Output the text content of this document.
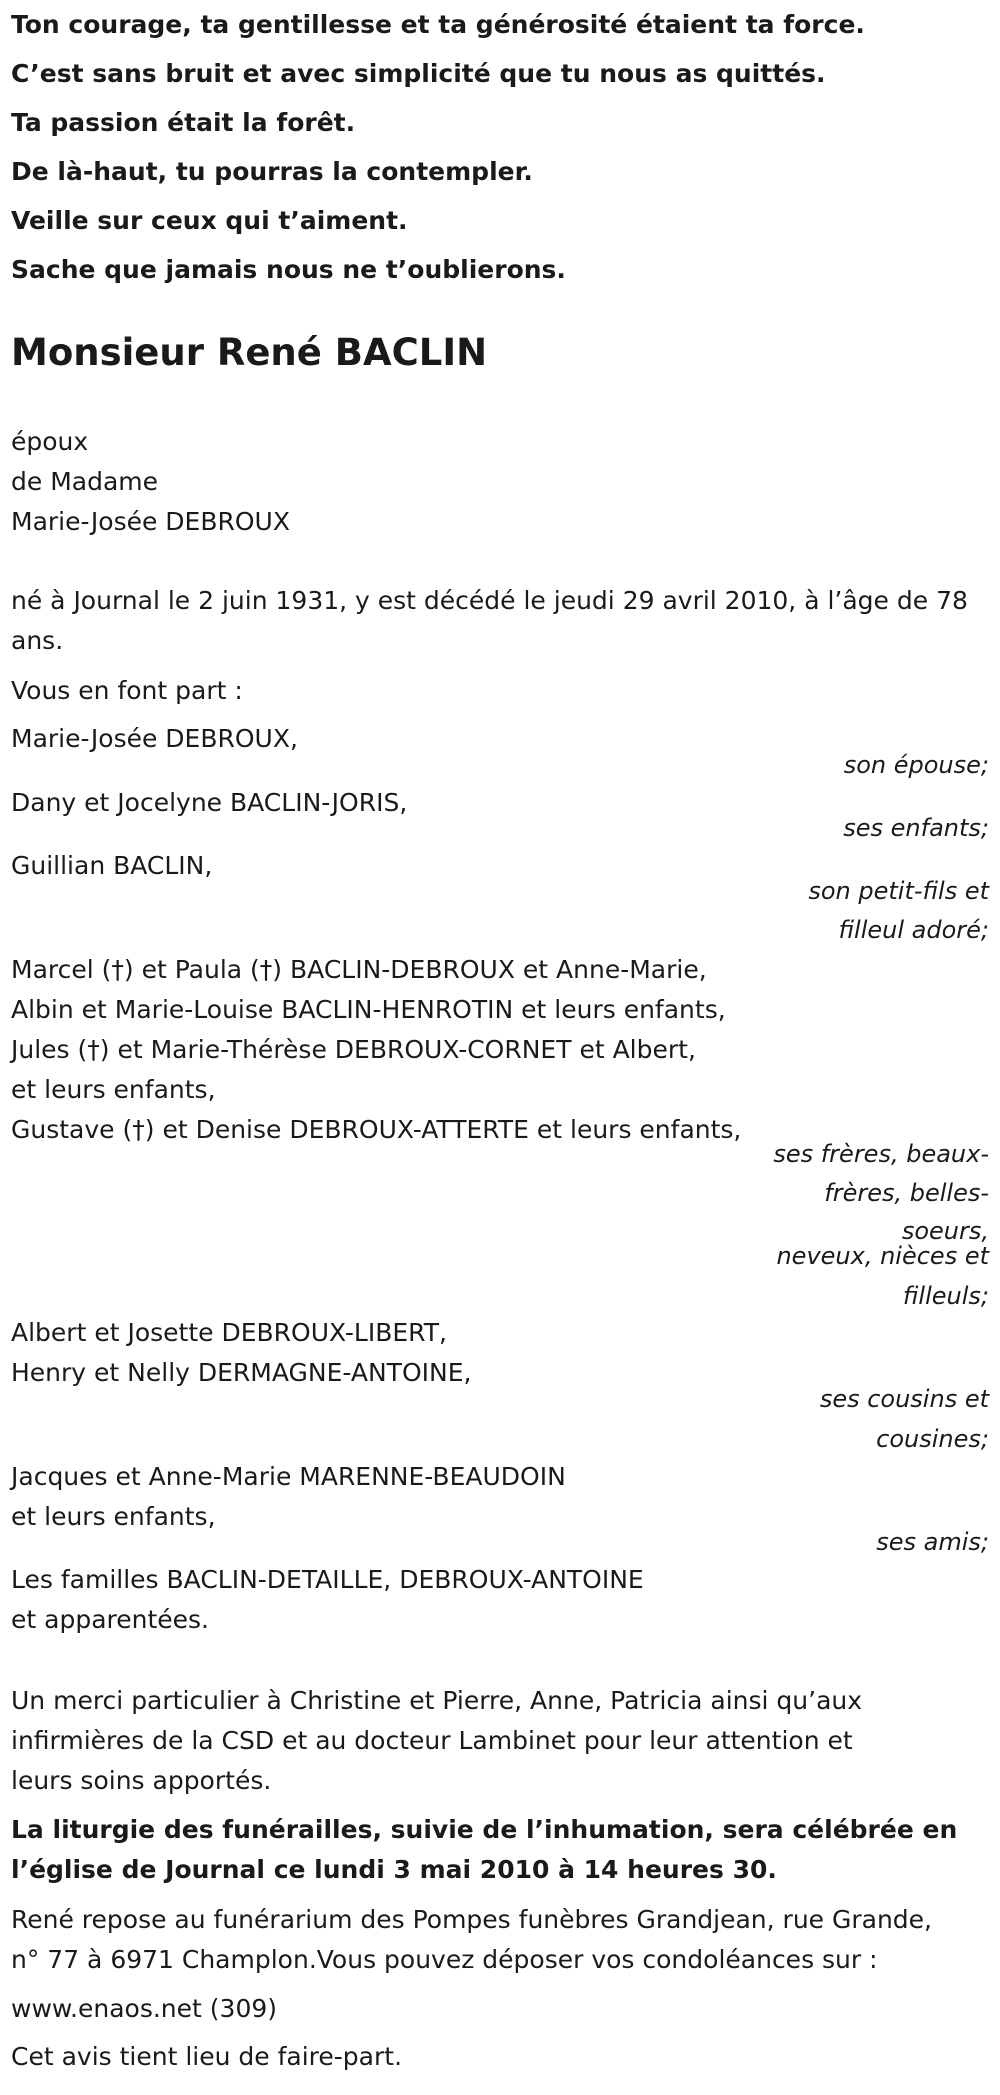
Ton courage, ta gentillesse et ta générosité étaient ta force.
C’est sans bruit et avec simplicité que tu nous as quittés.
Ta passion était la forêt.
De là-haut, tu pourras la contempler.
Veille sur ceux qui t’aiment.
Sache que jamais nous ne t’oublierons.
Monsieur René BACLIN
époux
de Madame
Marie-Josée DEBROUX
né à Journal le 2 juin 1931, y est décédé le jeudi 29 avril 2010, à l’âge de 78
ans.
Vous en font part :
Marie-Josée DEBROUX,
son épouse;
Dany et Jocelyne BACLIN-JORIS,
ses enfants;
Guillian BACLIN,
son petit-fils et
filleul adoré;
Marcel (†) et Paula (†) BACLIN-DEBROUX et Anne-Marie,
Albin et Marie-Louise BACLIN-HENROTIN et leurs enfants,
Jules (†) et Marie-Thérèse DEBROUX-CORNET et Albert,
et leurs enfants,
Gustave (†) et Denise DEBROUX-ATTERTE et leurs enfants,
ses frères, beaux-
frères, belles-
soeurs,
neveux, nièces et
filleuls;
Albert et Josette DEBROUX-LIBERT,
Henry et Nelly DERMAGNE-ANTOINE,
ses cousins et
cousines;
Jacques et Anne-Marie MARENNE-BEAUDOIN
et leurs enfants,
ses amis;
Les familles BACLIN-DETAILLE, DEBROUX-ANTOINE
et apparentées.
Un merci particulier à Christine et Pierre, Anne, Patricia ainsi qu’aux
infirmières de la CSD et au docteur Lambinet pour leur attention et
leurs soins apportés.
La liturgie des funérailles, suivie de l’inhumation, sera célébrée en
l’église de Journal ce lundi 3 mai 2010 à 14 heures 30.
René repose au funérarium des Pompes funèbres Grandjean, rue Grande,
n° 77 à 6971 Champlon.Vous pouvez déposer vos condoléances sur :
www.enaos.net (309)
Cet avis tient lieu de faire-part.
